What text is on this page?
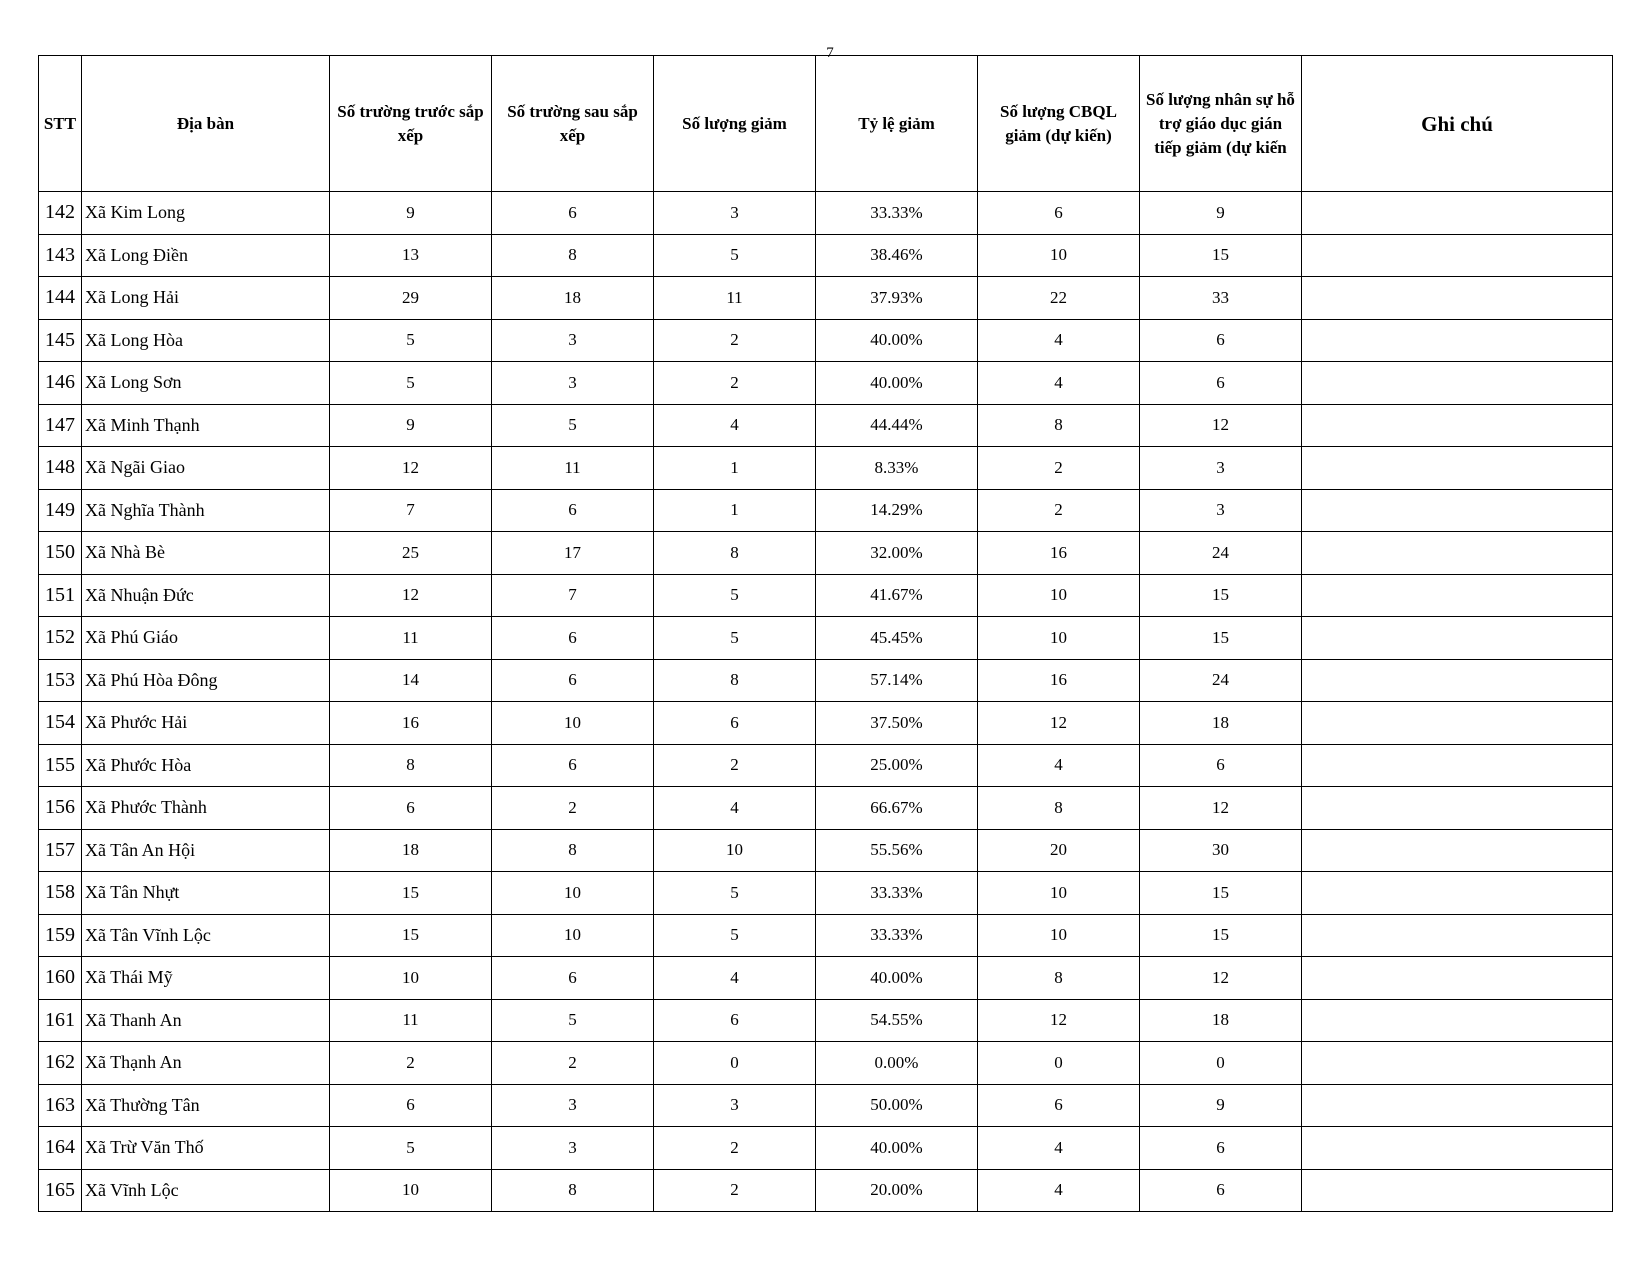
7
STT	Địa bàn	Số trường trước sắp xếp	Số trường sau sắp xếp	Số lượng giảm	Tỷ lệ giảm	Số lượng CBQL giảm (dự kiến)	Số lượng nhân sự hỗ trợ giáo dục gián tiếp giảm (dự kiến	Ghi chú
142	Xã Kim Long	9	6	3	33.33%	6	9	
143	Xã Long Điền	13	8	5	38.46%	10	15	
144	Xã Long Hải	29	18	11	37.93%	22	33	
145	Xã Long Hòa	5	3	2	40.00%	4	6	
146	Xã Long Sơn	5	3	2	40.00%	4	6	
147	Xã Minh Thạnh	9	5	4	44.44%	8	12	
148	Xã Ngãi Giao	12	11	1	8.33%	2	3	
149	Xã Nghĩa Thành	7	6	1	14.29%	2	3	
150	Xã Nhà Bè	25	17	8	32.00%	16	24	
151	Xã Nhuận Đức	12	7	5	41.67%	10	15	
152	Xã Phú Giáo	11	6	5	45.45%	10	15	
153	Xã Phú Hòa Đông	14	6	8	57.14%	16	24	
154	Xã Phước Hải	16	10	6	37.50%	12	18	
155	Xã Phước Hòa	8	6	2	25.00%	4	6	
156	Xã Phước Thành	6	2	4	66.67%	8	12	
157	Xã Tân An Hội	18	8	10	55.56%	20	30	
158	Xã Tân Nhựt	15	10	5	33.33%	10	15	
159	Xã Tân Vĩnh Lộc	15	10	5	33.33%	10	15	
160	Xã Thái Mỹ	10	6	4	40.00%	8	12	
161	Xã Thanh An	11	5	6	54.55%	12	18	
162	Xã Thạnh An	2	2	0	0.00%	0	0	
163	Xã Thường Tân	6	3	3	50.00%	6	9	
164	Xã Trừ Văn Thố	5	3	2	40.00%	4	6	
165	Xã Vĩnh Lộc	10	8	2	20.00%	4	6	
